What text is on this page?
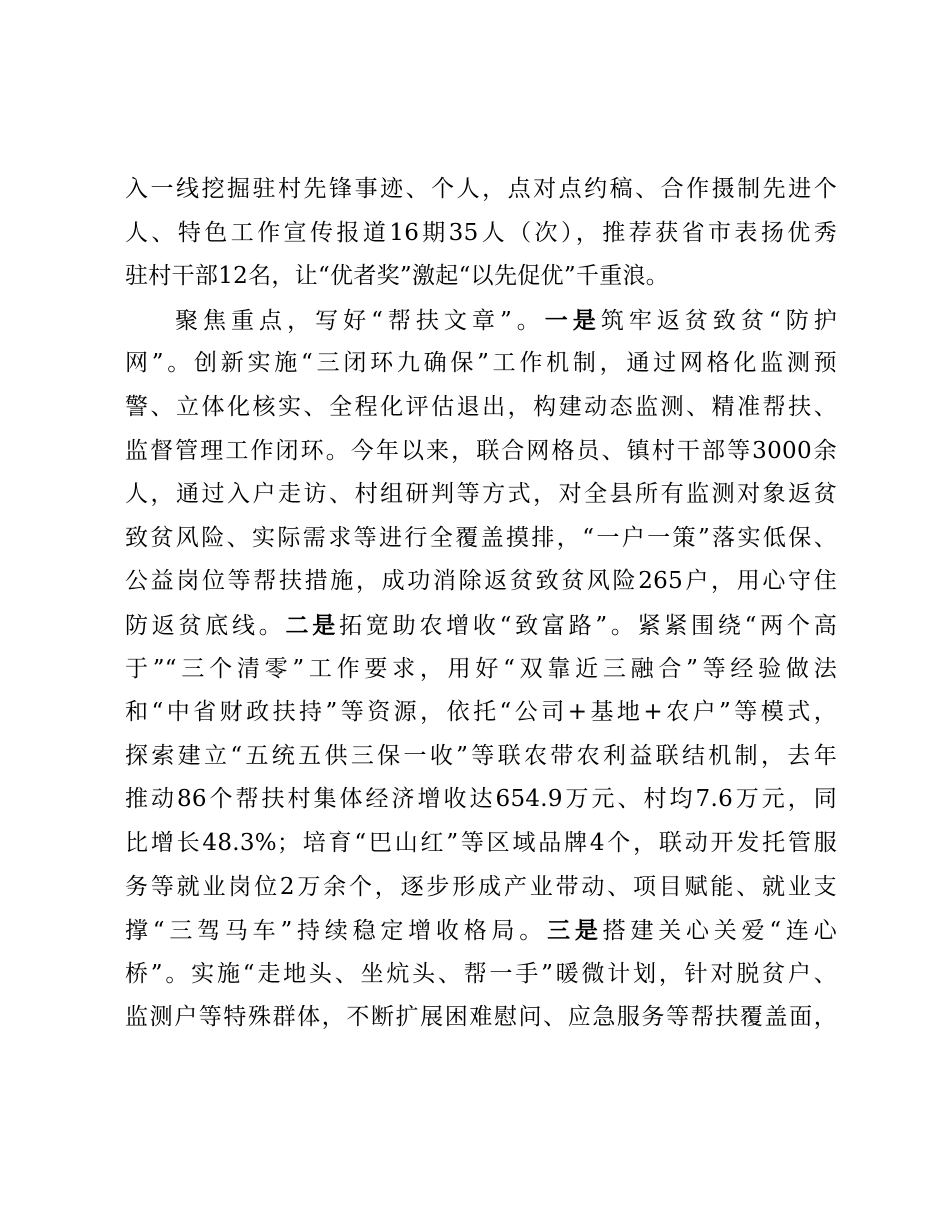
入一线挖掘驻村先锋事迹、个人，点对点约稿、合作摄制先进个
人、特色工作宣传报道16期35人（次），推荐获省市表扬优秀
驻村干部12名，让“优者奖”激起“以先促优”千重浪。
聚焦重点，写好“帮扶文章”。一是筑牢返贫致贫“防护
网”。创新实施“三闭环九确保”工作机制，通过网格化监测预
警、立体化核实、全程化评估退出，构建动态监测、精准帮扶、
监督管理工作闭环。今年以来，联合网格员、镇村干部等3000余
人，通过入户走访、村组研判等方式，对全县所有监测对象返贫
致贫风险、实际需求等进行全覆盖摸排，“一户一策”落实低保、
公益岗位等帮扶措施，成功消除返贫致贫风险265户，用心守住
防返贫底线。二是拓宽助农增收“致富路”。紧紧围绕“两个高
于”“三个清零”工作要求，用好“双靠近三融合”等经验做法
和“中省财政扶持”等资源，依托“公司+基地+农户”等模式，
探索建立“五统五供三保一收”等联农带农利益联结机制，去年
推动86个帮扶村集体经济增收达654.9万元、村均7.6万元，同
比增长48.3%；培育“巴山红”等区域品牌4个，联动开发托管服
务等就业岗位2万余个，逐步形成产业带动、项目赋能、就业支
撑“三驾马车”持续稳定增收格局。三是搭建关心关爱“连心
桥”。实施“走地头、坐炕头、帮一手”暖微计划，针对脱贫户、
监测户等特殊群体，不断扩展困难慰问、应急服务等帮扶覆盖面，
